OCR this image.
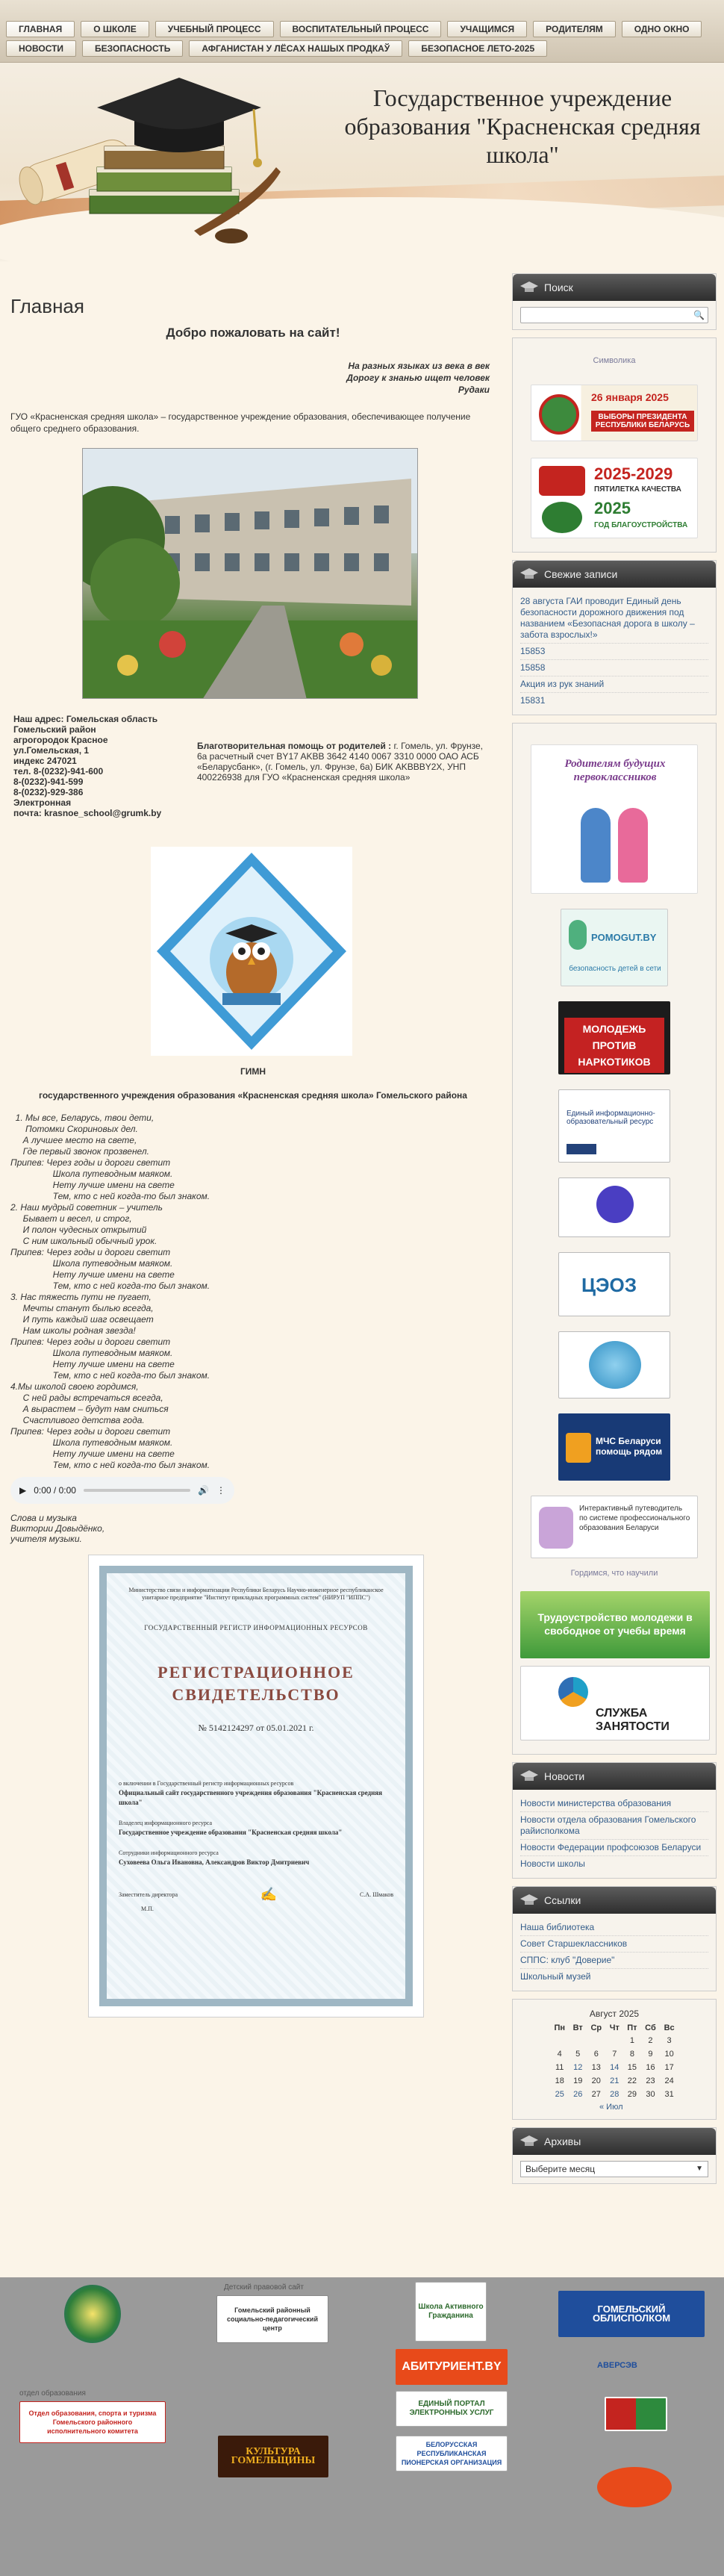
ГЛАВНАЯ	О ШКОЛЕ	УЧЕБНЫЙ ПРОЦЕСС	ВОСПИТАТЕЛЬНЫЙ ПРОЦЕСС	УЧАЩИМСЯ	РОДИТЕЛЯМ	ОДНО ОКНО
НОВОСТИ	БЕЗОПАСНОСТЬ	АФГАНИСТАН У ЛЁСАХ НАШЫХ ПРОДКАЎ	БЕЗОПАСНОЕ ЛЕТО-2025
Государственное учреждение образования "Красненская средняя школа"
Главная
Добро пожаловать на сайт!
На разных языках из века в век
Дорогу к знанью ищет человек
Рудаки

ГУО «Красненская средняя школа» – государственное учреждение образования, обеспечивающее получение общего среднего образования.

Наш адрес: Гомельская область
Гомельский район
агрогородок Красное
ул.Гомельская, 1
индекс 247021
тел. 8-(0232)-941-600
8-(0232)-941-599
8-(0232)-929-386
Электронная
почта: krasnoe_school@grumk.by
Благотворительная помощь от родителей : г. Гомель, ул. Фрунзе, 6а расчетный счет BY17 AKBB 3642 4140 0067 3310 0000 ОАО АСБ «Беларусбанк», (г. Гомель, ул. Фрунзе, 6а) БИК AKBBBY2X, УНП 400226938 для ГУО «Красненская средняя школа»
ГИМН
государственного учреждения образования «Красненская средняя школа» Гомельского района
1. Мы все, Беларусь, твои дети,
Потомки Скориновых дел.
А лучшее место на свете,
Где первый звонок прозвенел.
Припев: Через годы и дороги светит
Школа путеводным маяком.
Нету лучше имени на свете
Тем, кто с ней когда-то был знаком.
2. Наш мудрый советник – учитель
Бывает и весел, и строг,
И полон чудесных открытий
С ним школьный обычный урок.
Припев: Через годы и дороги светит
Школа путеводным маяком.
Нету лучше имени на свете
Тем, кто с ней когда-то был знаком.
3. Нас тяжесть пути не пугает,
Мечты станут былью всегда,
И путь каждый шаг освещает
Нам школы родная звезда!
Припев: Через годы и дороги светит
Школа путеводным маяком.
Нету лучше имени на свете
Тем, кто с ней когда-то был знаком.
4.Мы школой своею гордимся,
С ней рады встречаться всегда,
А вырастем – будут нам сниться
Счастливого детства года.
Припев: Через годы и дороги светит
Школа путеводным маяком.
Нету лучше имени на свете
Тем, кто с ней когда-то был знаком.
▶ 0:00 / 0:00	🔊 ⋮
Слова и музыка
Виктории Довыдёнко,
учителя музыки.
Министерство связи и информатизации Республики Беларусь Научно-инженерное республиканское унитарное предприятие "Институт прикладных программных систем" (НИРУП "ИППС")
ГОСУДАРСТВЕННЫЙ РЕГИСТР ИНФОРМАЦИОННЫХ РЕСУРСОВ
РЕГИСТРАЦИОННОЕ
СВИДЕТЕЛЬСТВО
№ 5142124297 от 05.01.2021 г.
о включении в Государственный регистр информационных ресурсов
Официальный сайт государственного учреждения образования "Красненская средняя школа"
Владелец информационного ресурса
Государственное учреждение образования "Красненская средняя школа"
Сотрудники информационного ресурса
Суховеева Ольга Ивановна, Александров Виктор Дмитриевич
Заместитель директора	✍	С.А. Шмаков
М.П.
Поиск
🔍
Символика
26 января 2025
ВЫБОРЫ ПРЕЗИДЕНТА РЕСПУБЛИКИ БЕЛАРУСЬ
2025-2029
ПЯТИЛЕТКА КАЧЕСТВА
2025
ГОД БЛАГОУСТРОЙСТВА
Свежие записи
28 августа ГАИ проводит Единый день безопасности дорожного движения под названием «Безопасная дорога в школу – забота взрослых!»
15853
15858
Акция из рук знаний
15831
Родителям будущих первоклассников
POMOGUT.BY
безопасность детей в сети
МОЛОДЕЖЬ ПРОТИВ НАРКОТИКОВ
Единый информационно-образовательный ресурс
ЦЭОЗ
МЧС Беларуси помощь рядом
Интерактивный путеводитель по системе профессионального образования Беларуси
Гордимся, что научили
Трудоустройство молодежи в свободное от учебы время
СЛУЖБА ЗАНЯТОСТИ
Новости
Новости министерства образования
Новости отдела образования Гомельского райисполкома
Новости Федерации профсоюзов Беларуси
Новости школы
Ссылки
Наша библиотека
Совет Старшеклассников
СППС: клуб "Доверие"
Школьный музей
Август 2025
Пн	Вт	Ср	Чт	Пт	Сб	Вс
				1	2	3
4	5	6	7	8	9	10
11	12	13	14	15	16	17
18	19	20	21	22	23	24
25	26	27	28	29	30	31
« Июл
Архивы
Выберите месяц	▼
Детский правовой сайт
Гомельский районный социально-педагогический центр
Школа Активного Гражданина
ГОМЕЛЬСКИЙ ОБЛИСПОЛКОМ
АБИТУРИЕНТ.BY	АВЕРСЭВ
отдел образования
Отдел образования, спорта и туризма Гомельского районного исполнительного комитета
ЕДИНЫЙ ПОРТАЛ ЭЛЕКТРОННЫХ УСЛУГ
БЕЛОРУССКАЯ РЕСПУБЛИКАНСКАЯ ПИОНЕРСКАЯ ОРГАНИЗАЦИЯ
КУЛЬТУРА ГОМЕЛЬЩИНЫ
